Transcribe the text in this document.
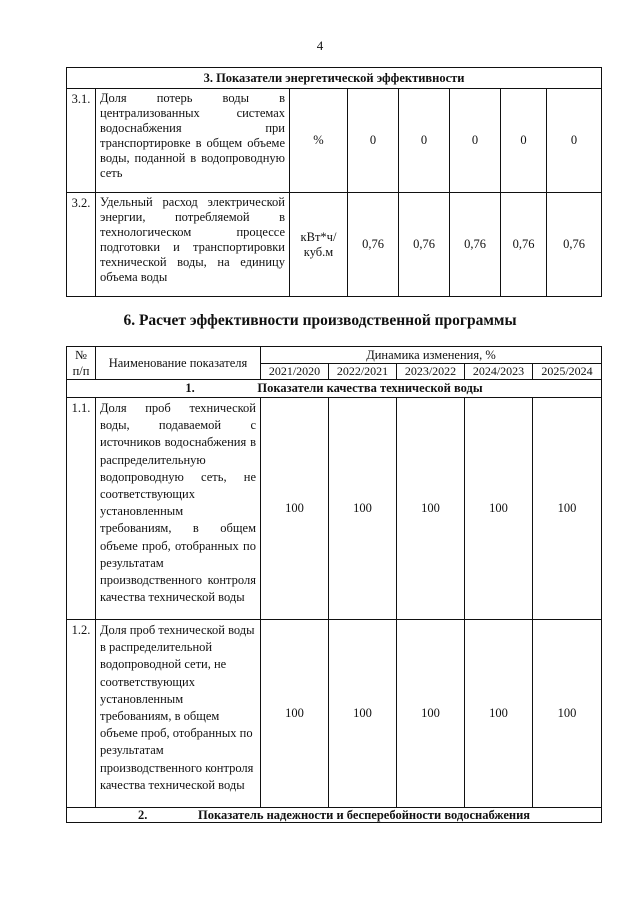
4
3. Показатели энергетической эффективности							
3.1.	Доля потерь воды в централизованных системах водоснабжения при транспортировке в общем объеме воды, поданной в водопроводную сеть	%	0	0	0	0	0
3.2.	Удельный расход электрической энергии, потребляемой в технологическом процессе подготовки и транспортировки технической воды, на единицу объема воды	кВт*ч/ куб.м	0,76	0,76	0,76	0,76	0,76
6. Расчет эффективности производственной программы
№ п/п	Наименование показателя	Динамика изменения, %				
		2021/2020	2022/2021	2023/2022	2024/2023	2025/2024
1. Показатели качества технической воды						
1.1.	Доля проб технической воды, подаваемой с источников водоснабжения в распределительную водопроводную сеть, не соответствующих установленным требованиям, в общем объеме проб, отобранных по результатам производственного контроля качества технической воды	100	100	100	100	100
1.2.	Доля проб технической воды в распределительной водопроводной сети, не соответствующих установленным требованиям, в общем объеме проб, отобранных по результатам производственного контроля качества технической воды	100	100	100	100	100
2. Показатель надежности и бесперебойности водоснабжения						
